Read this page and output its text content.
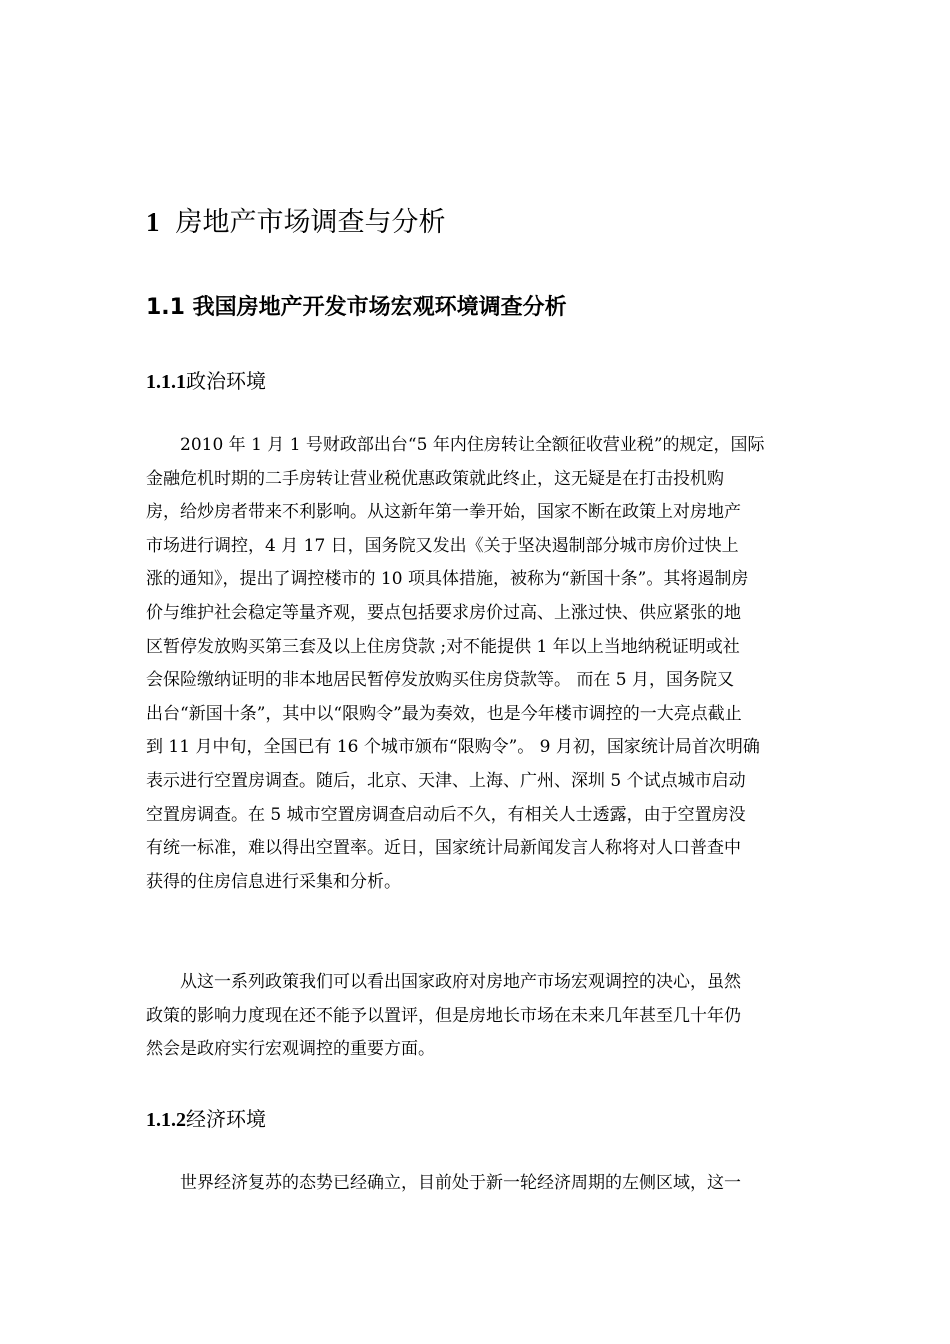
1 房地产市场调查与分析
1.1 我国房地产开发市场宏观环境调查分析
1.1.1政治环境
2010 年 1 月 1 号财政部出台“5 年内住房转让全额征收营业税”的规定，国际
金融危机时期的二手房转让营业税优惠政策就此终止，这无疑是在打击投机购
房，给炒房者带来不利影响。从这新年第一拳开始，国家不断在政策上对房地产
市场进行调控，4 月 17 日，国务院又发出《关于坚决遏制部分城市房价过快上
涨的通知》，提出了调控楼市的 10 项具体措施，被称为“新国十条”。其将遏制房
价与维护社会稳定等量齐观，要点包括要求房价过高、上涨过快、供应紧张的地
区暂停发放购买第三套及以上住房贷款 ;对不能提供 1 年以上当地纳税证明或社
会保险缴纳证明的非本地居民暂停发放购买住房贷款等。 而在 5 月，国务院又
出台“新国十条”，其中以“限购令”最为奏效，也是今年楼市调控的一大亮点截止
到 11 月中旬，全国已有 16 个城市颁布“限购令”。 9 月初，国家统计局首次明确
表示进行空置房调查。随后，北京、天津、上海、广州、深圳 5 个试点城市启动
空置房调查。在 5 城市空置房调查启动后不久，有相关人士透露，由于空置房没
有统一标准，难以得出空置率。近日，国家统计局新闻发言人称将对人口普查中
获得的住房信息进行采集和分析。
从这一系列政策我们可以看出国家政府对房地产市场宏观调控的决心，虽然
政策的影响力度现在还不能予以置评，但是房地长市场在未来几年甚至几十年仍
然会是政府实行宏观调控的重要方面。
1.1.2经济环境
世界经济复苏的态势已经确立，目前处于新一轮经济周期的左侧区域，这一
